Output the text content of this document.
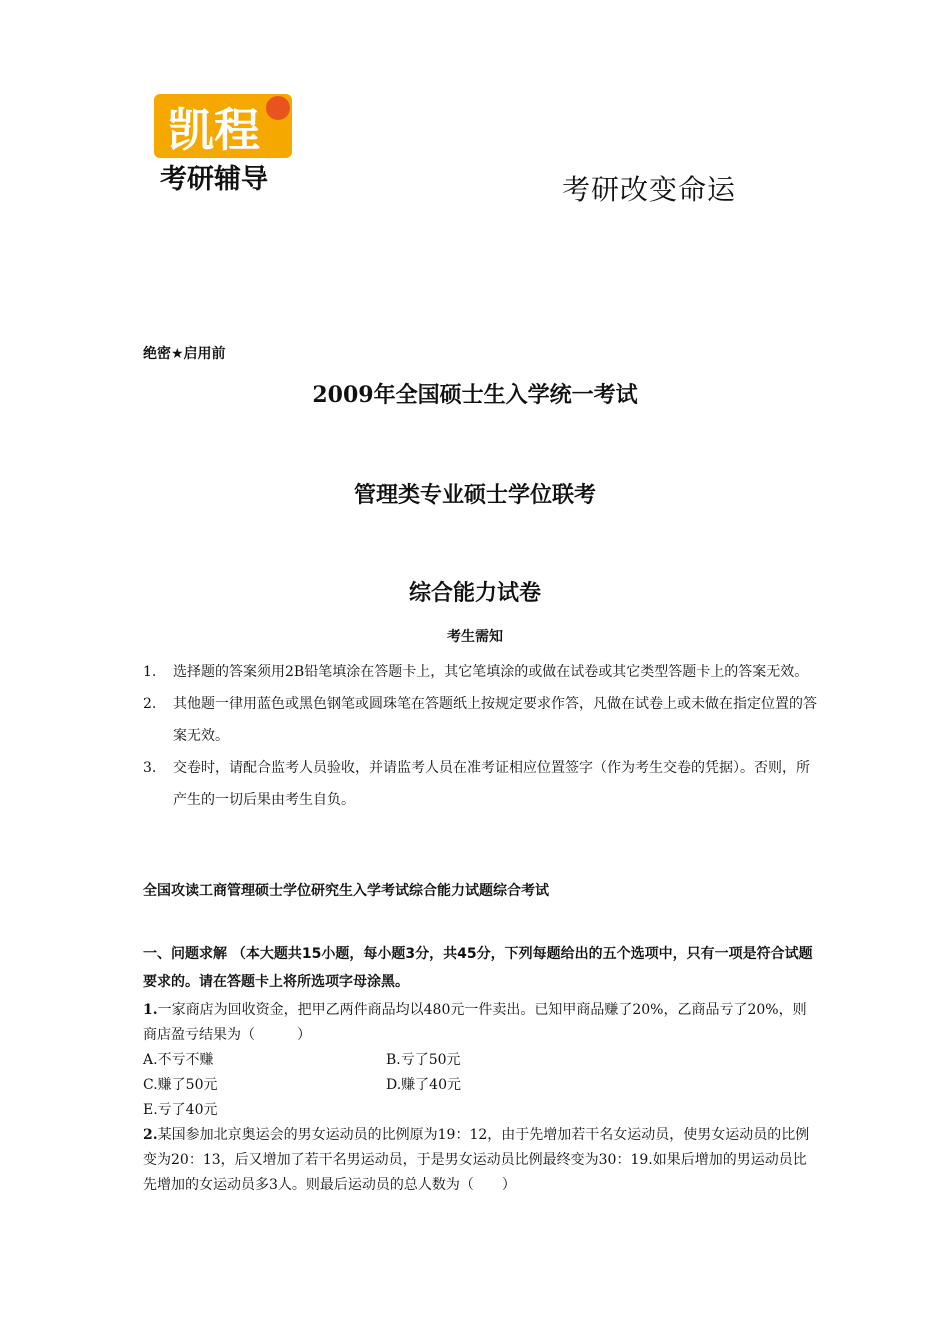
凯程
考研辅导	考研改变命运
绝密★启用前
2009年全国硕士生入学统一考试
管理类专业硕士学位联考
综合能力试卷
考生需知
1.	选择题的答案须用2B铅笔填涂在答题卡上，其它笔填涂的或做在试卷或其它类型答题卡上的答案无效。
2.	其他题一律用蓝色或黑色钢笔或圆珠笔在答题纸上按规定要求作答，凡做在试卷上或未做在指定位置的答案无效。
3.	交卷时，请配合监考人员验收，并请监考人员在准考证相应位置签字（作为考生交卷的凭据）。否则，所产生的一切后果由考生自负。
全国攻读工商管理硕士学位研究生入学考试综合能力试题综合考试
一、问题求解 （本大题共15小题，每小题3分，共45分，下列每题给出的五个选项中，只有一项是符合试题要求的。请在答题卡上将所选项字母涂黑。
1.一家商店为回收资金，把甲乙两件商品均以480元一件卖出。已知甲商品赚了20%，乙商品亏了20%，则商店盈亏结果为（　　　）
A.不亏不赚	B.亏了50元
C.赚了50元	D.赚了40元
E.亏了40元
2.某国参加北京奥运会的男女运动员的比例原为19：12，由于先增加若干名女运动员，使男女运动员的比例变为20：13，后又增加了若干名男运动员，于是男女运动员比例最终变为30：19.如果后增加的男运动员比先增加的女运动员多3人。则最后运动员的总人数为（　　）
